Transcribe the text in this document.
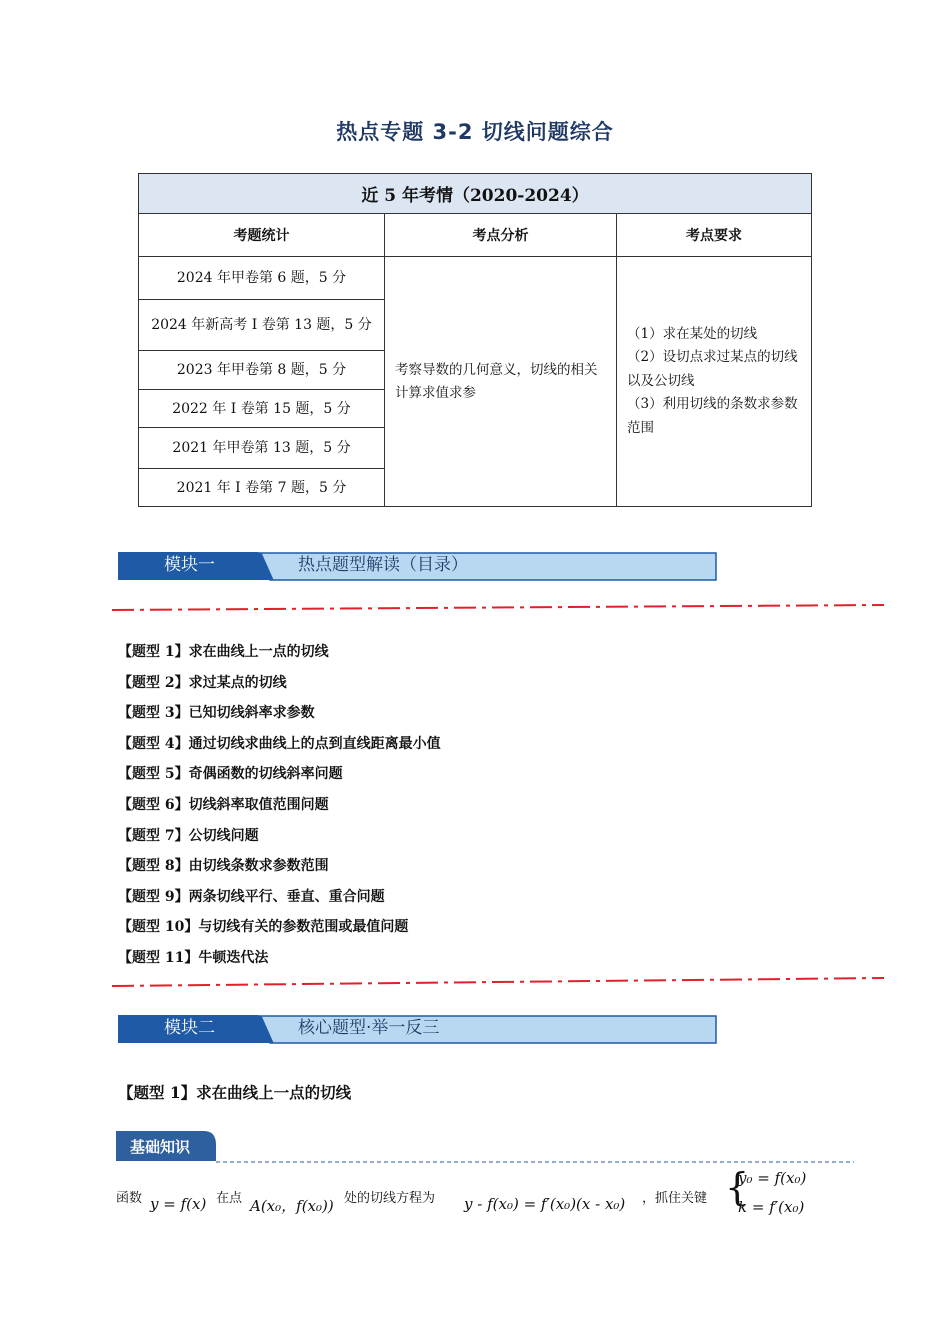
热点专题 3-2 切线问题综合
近 5 年考情（2020-2024）		
考题统计	考点分析	考点要求
2024 年甲卷第 6 题，5 分	考察导数的几何意义，切线的相关计算求值求参	（1）求在某处的切线

（2）设切点求过某点的切线以及公切线

（3）利用切线的条数求参数范围

2024 年新高考 I 卷第 13 题，5 分		
2023 年甲卷第 8 题，5 分		
2022 年 I 卷第 15 题，5 分		
2021 年甲卷第 13 题，5 分		
2021 年 I 卷第 7 题，5 分		
模块一	热点题型解读（目录）
【题型 1】求在曲线上一点的切线
【题型 2】求过某点的切线
【题型 3】已知切线斜率求参数
【题型 4】通过切线求曲线上的点到直线距离最小值
【题型 5】奇偶函数的切线斜率问题
【题型 6】切线斜率取值范围问题
【题型 7】公切线问题
【题型 8】由切线条数求参数范围
【题型 9】两条切线平行、垂直、重合问题
【题型 10】与切线有关的参数范围或最值问题
【题型 11】牛顿迭代法
模块二	核心题型·举一反三
【题型 1】求在曲线上一点的切线
基础知识
函数 y = f(x) 在点 A(x₀，f(x₀)) 处的切线方程为 y - f(x₀) = f′(x₀)(x - x₀) ，抓住关键 {
y₀ = f(x₀)
k = f′(x₀)
